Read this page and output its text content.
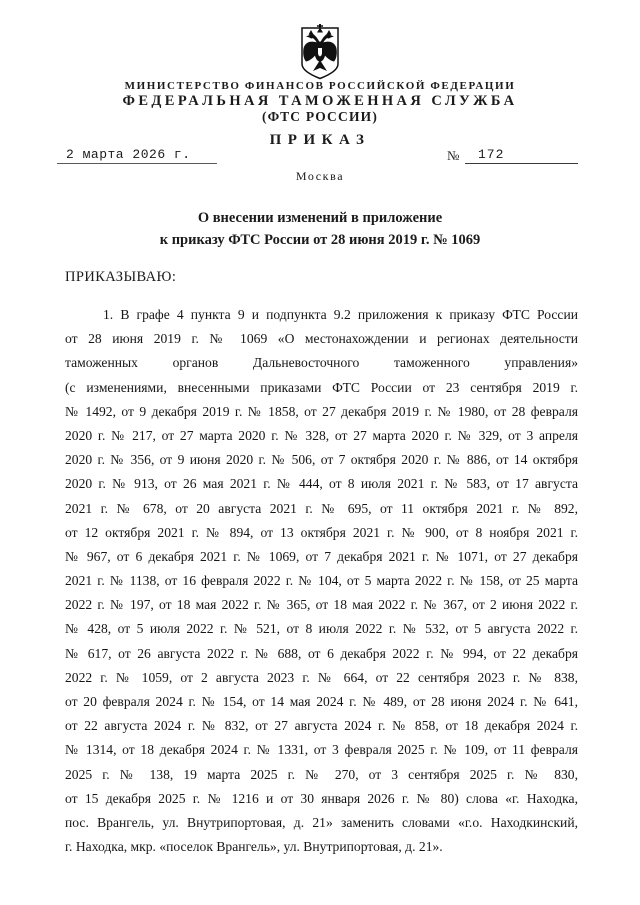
МИНИСТЕРСТВО ФИНАНСОВ РОССИЙСКОЙ ФЕДЕРАЦИИ
ФЕДЕРАЛЬНАЯ ТАМОЖЕННАЯ СЛУЖБА
(ФТС РОССИИ)
ПРИКАЗ
2 марта 2026 г.	№	172
Москва
О внесении изменений в приложение
к приказу ФТС России от 28 июня 2019 г. № 1069
ПРИКАЗЫВАЮ:
1. В графе 4 пункта 9 и подпункта 9.2 приложения к приказу ФТС России
от 28 июня 2019 г. № 1069 «О местонахождении и регионах деятельности
таможенных органов Дальневосточного таможенного управления»
(с изменениями, внесенными приказами ФТС России от 23 сентября 2019 г.
№ 1492, от 9 декабря 2019 г. № 1858, от 27 декабря 2019 г. № 1980, от 28 февраля
2020 г. № 217, от 27 марта 2020 г. № 328, от 27 марта 2020 г. № 329, от 3 апреля
2020 г. № 356, от 9 июня 2020 г. № 506, от 7 октября 2020 г. № 886, от 14 октября
2020 г. № 913, от 26 мая 2021 г. № 444, от 8 июля 2021 г. № 583, от 17 августа
2021 г. № 678, от 20 августа 2021 г. № 695, от 11 октября 2021 г. № 892,
от 12 октября 2021 г. № 894, от 13 октября 2021 г. № 900, от 8 ноября 2021 г.
№ 967, от 6 декабря 2021 г. № 1069, от 7 декабря 2021 г. № 1071, от 27 декабря
2021 г. № 1138, от 16 февраля 2022 г. № 104, от 5 марта 2022 г. № 158, от 25 марта
2022 г. № 197, от 18 мая 2022 г. № 365, от 18 мая 2022 г. № 367, от 2 июня 2022 г.
№ 428, от 5 июля 2022 г. № 521, от 8 июля 2022 г. № 532, от 5 августа 2022 г.
№ 617, от 26 августа 2022 г. № 688, от 6 декабря 2022 г. № 994, от 22 декабря
2022 г. № 1059, от 2 августа 2023 г. № 664, от 22 сентября 2023 г. № 838,
от 20 февраля 2024 г. № 154, от 14 мая 2024 г. № 489, от 28 июня 2024 г. № 641,
от 22 августа 2024 г. № 832, от 27 августа 2024 г. № 858, от 18 декабря 2024 г.
№ 1314, от 18 декабря 2024 г. № 1331, от 3 февраля 2025 г. № 109, от 11 февраля
2025 г. № 138, 19 марта 2025 г. № 270, от 3 сентября 2025 г. № 830,
от 15 декабря 2025 г. № 1216 и от 30 января 2026 г. № 80) слова «г. Находка,
пос. Врангель, ул. Внутрипортовая, д. 21» заменить словами «г.о. Находкинский,
г. Находка, мкр. «поселок Врангель», ул. Внутрипортовая, д. 21».
